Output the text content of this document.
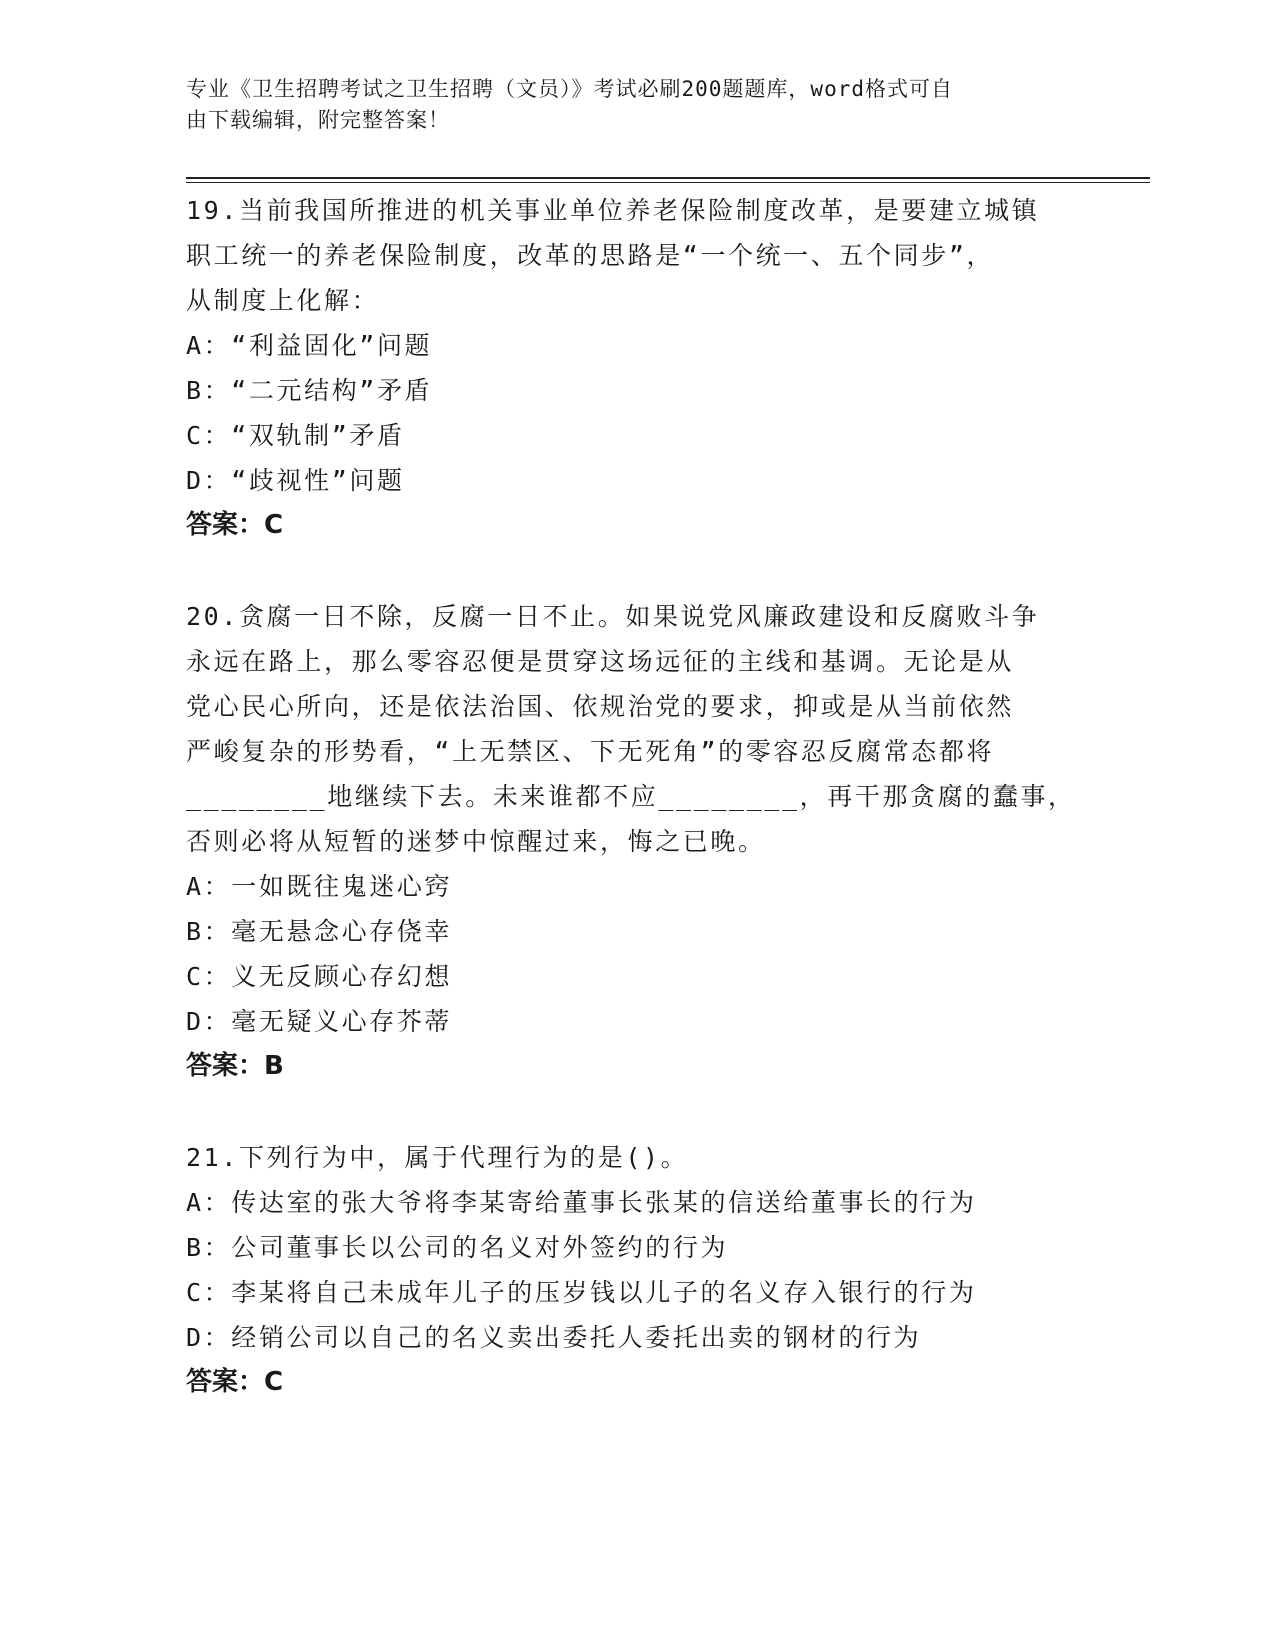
专业《卫生招聘考试之卫生招聘（文员）》考试必刷200题题库，word格式可自
由下载编辑，附完整答案！

19.当前我国所推进的机关事业单位养老保险制度改革，是要建立城镇

职工统一的养老保险制度，改革的思路是“一个统一、五个同步”，

从制度上化解：

A：“利益固化”问题

B：“二元结构”矛盾

C：“双轨制”矛盾

D：“歧视性”问题

答案：C

20.贪腐一日不除，反腐一日不止。如果说党风廉政建设和反腐败斗争

永远在路上，那么零容忍便是贯穿这场远征的主线和基调。无论是从

党心民心所向，还是依法治国、依规治党的要求，抑或是从当前依然

严峻复杂的形势看，“上无禁区、下无死角”的零容忍反腐常态都将

________地继续下去。未来谁都不应________，再干那贪腐的蠢事，

否则必将从短暂的迷梦中惊醒过来，悔之已晚。

A：一如既往鬼迷心窍

B：毫无悬念心存侥幸

C：义无反顾心存幻想

D：毫无疑义心存芥蒂

答案：B

21.下列行为中，属于代理行为的是()。

A：传达室的张大爷将李某寄给董事长张某的信送给董事长的行为

B：公司董事长以公司的名义对外签约的行为

C：李某将自己未成年儿子的压岁钱以儿子的名义存入银行的行为

D：经销公司以自己的名义卖出委托人委托出卖的钢材的行为

答案：C
